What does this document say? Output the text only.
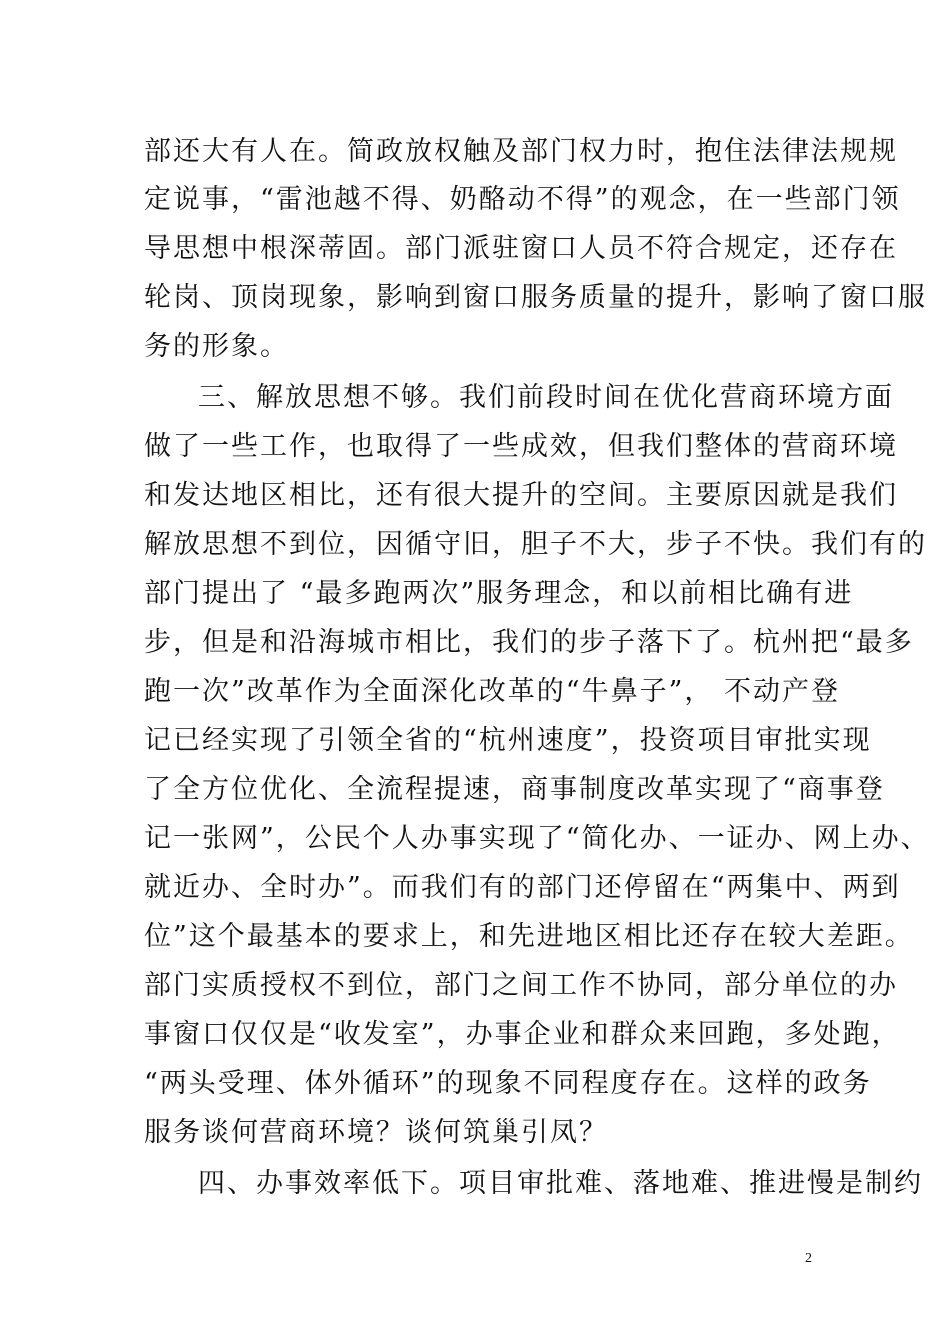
部还大有人在。简政放权触及部门权力时，抱住法律法规规
定说事，“雷池越不得、奶酪动不得”的观念，在一些部门领
导思想中根深蒂固。部门派驻窗口人员不符合规定，还存在
轮岗、顶岗现象，影响到窗口服务质量的提升，影响了窗口服
务的形象。
三、解放思想不够。我们前段时间在优化营商环境方面
做了一些工作，也取得了一些成效，但我们整体的营商环境
和发达地区相比，还有很大提升的空间。主要原因就是我们
解放思想不到位，因循守旧，胆子不大，步子不快。我们有的
部门提出了 “最多跑两次”服务理念，和以前相比确有进
步，但是和沿海城市相比，我们的步子落下了。杭州把“最多
跑一次”改革作为全面深化改革的“牛鼻子”， 不动产登
记已经实现了引领全省的“杭州速度”，投资项目审批实现
了全方位优化、全流程提速，商事制度改革实现了“商事登
记一张网”，公民个人办事实现了“简化办、一证办、网上办、
就近办、全时办”。而我们有的部门还停留在“两集中、两到
位”这个最基本的要求上，和先进地区相比还存在较大差距。
部门实质授权不到位，部门之间工作不协同，部分单位的办
事窗口仅仅是“收发室”，办事企业和群众来回跑，多处跑，
“两头受理、体外循环”的现象不同程度存在。这样的政务
服务谈何营商环境？谈何筑巢引凤？
四、办事效率低下。项目审批难、落地难、推进慢是制约
2
